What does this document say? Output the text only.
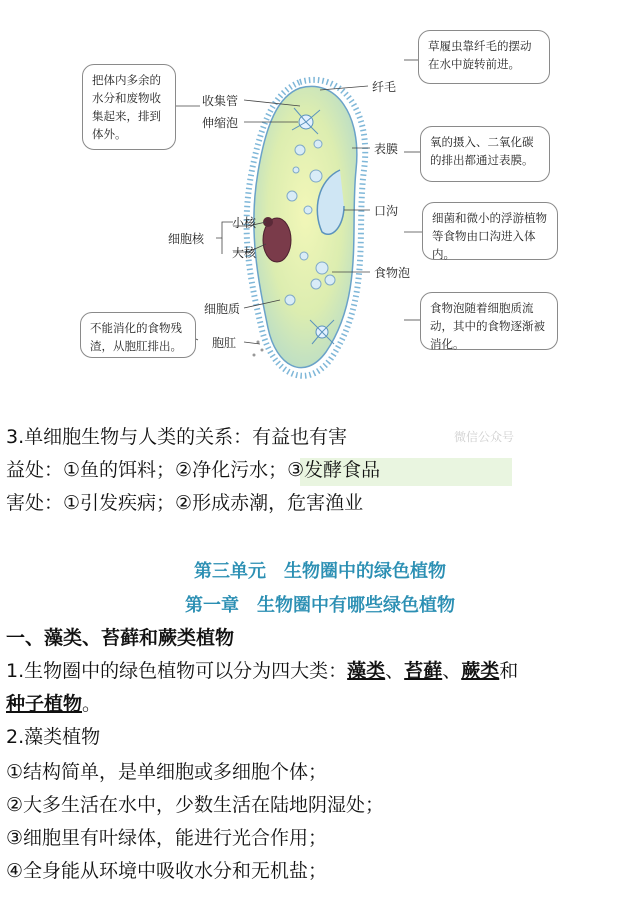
把体内多余的水分和废物收集起来，排到体外。
草履虫靠纤毛的摆动在水中旋转前进。
氧的摄入、二氧化碳的排出都通过表膜。
细菌和微小的浮游植物等食物由口沟进入体内。
食物泡随着细胞质流动，其中的食物逐渐被消化。
不能消化的食物残渣，从胞肛排出。
收集管
伸缩泡
小核
细胞核
大核
细胞质
胞肛
纤毛
表膜
口沟
食物泡
微信公众号
3.单细胞生物与人类的关系：有益也有害
益处：①鱼的饵料；②净化污水；③发酵食品
害处：①引发疾病；②形成赤潮，危害渔业
第三单元　生物圈中的绿色植物
第一章　生物圈中有哪些绿色植物
一、藻类、苔藓和蕨类植物
1.生物圈中的绿色植物可以分为四大类：藻类、苔藓、蕨类和
种子植物。
2.藻类植物
①结构简单，是单细胞或多细胞个体；
②大多生活在水中，少数生活在陆地阴湿处；
③细胞里有叶绿体，能进行光合作用；
④全身能从环境中吸收水分和无机盐；
